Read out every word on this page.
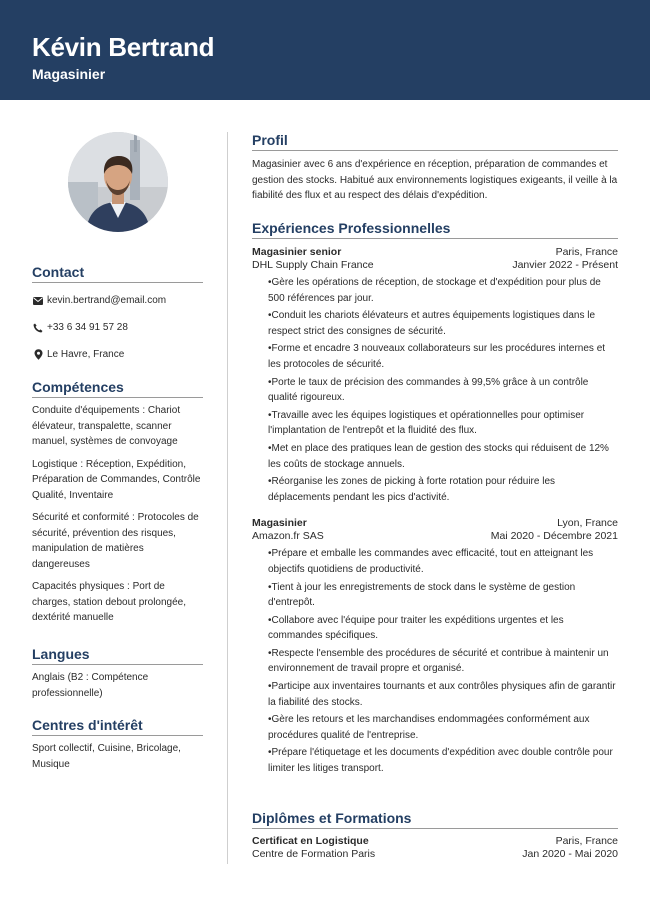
Kévin Bertrand
Magasinier
Contact
kevin.bertrand@email.com
+33 6 34 91 57 28
Le Havre, France
Compétences
Conduite d'équipements : Chariot élévateur, transpalette, scanner manuel, systèmes de convoyage
Logistique : Réception, Expédition, Préparation de Commandes, Contrôle Qualité, Inventaire
Sécurité et conformité : Protocoles de sécurité, prévention des risques, manipulation de matières dangereuses
Capacités physiques : Port de charges, station debout prolongée, dextérité manuelle
Langues
Anglais (B2 : Compétence professionnelle)
Centres d'intérêt
Sport collectif, Cuisine, Bricolage, Musique
Profil
Magasinier avec 6 ans d'expérience en réception, préparation de commandes et gestion des stocks. Habitué aux environnements logistiques exigeants, il veille à la fiabilité des flux et au respect des délais d'expédition.
Expériences Professionnelles
Magasinier senior	Paris, France
DHL Supply Chain France	Janvier 2022 - Présent
• Gère les opérations de réception, de stockage et d'expédition pour plus de 500 références par jour.
• Conduit les chariots élévateurs et autres équipements logistiques dans le respect strict des consignes de sécurité.
• Forme et encadre 3 nouveaux collaborateurs sur les procédures internes et les protocoles de sécurité.
• Porte le taux de précision des commandes à 99,5% grâce à un contrôle qualité rigoureux.
• Travaille avec les équipes logistiques et opérationnelles pour optimiser l'implantation de l'entrepôt et la fluidité des flux.
• Met en place des pratiques lean de gestion des stocks qui réduisent de 12% les coûts de stockage annuels.
• Réorganise les zones de picking à forte rotation pour réduire les déplacements pendant les pics d'activité.
Magasinier	Lyon, France
Amazon.fr SAS	Mai 2020 - Décembre 2021
• Prépare et emballe les commandes avec efficacité, tout en atteignant les objectifs quotidiens de productivité.
• Tient à jour les enregistrements de stock dans le système de gestion d'entrepôt.
• Collabore avec l'équipe pour traiter les expéditions urgentes et les commandes spécifiques.
• Respecte l'ensemble des procédures de sécurité et contribue à maintenir un environnement de travail propre et organisé.
• Participe aux inventaires tournants et aux contrôles physiques afin de garantir la fiabilité des stocks.
• Gère les retours et les marchandises endommagées conformément aux procédures qualité de l'entreprise.
• Prépare l'étiquetage et les documents d'expédition avec double contrôle pour limiter les litiges transport.
Diplômes et Formations
Certificat en Logistique	Paris, France
Centre de Formation Paris	Jan 2020 - Mai 2020
